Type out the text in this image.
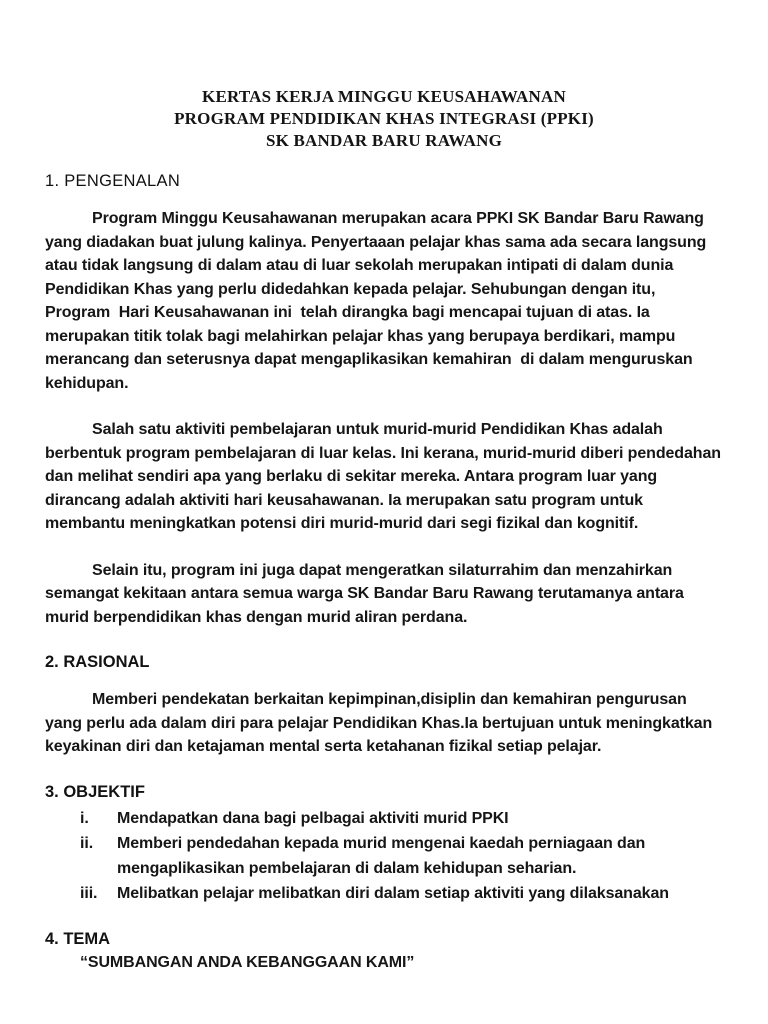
KERTAS KERJA MINGGU KEUSAHAWANAN
PROGRAM PENDIDIKAN KHAS INTEGRASI (PPKI)
SK BANDAR BARU RAWANG
1. PENGENALAN

Program Minggu Keusahawanan merupakan acara PPKI SK Bandar Baru Rawang yang diadakan buat julung kalinya. Penyertaaan pelajar khas sama ada secara langsung atau tidak langsung di dalam atau di luar sekolah merupakan intipati di dalam dunia Pendidikan Khas yang perlu didedahkan kepada pelajar. Sehubungan dengan itu, Program  Hari Keusahawanan ini  telah dirangka bagi mencapai tujuan di atas. Ia merupakan titik tolak bagi melahirkan pelajar khas yang berupaya berdikari, mampu merancang dan seterusnya dapat mengaplikasikan kemahiran  di dalam menguruskan kehidupan.

Salah satu aktiviti pembelajaran untuk murid-murid Pendidikan Khas adalah berbentuk program pembelajaran di luar kelas. Ini kerana, murid-murid diberi pendedahan dan melihat sendiri apa yang berlaku di sekitar mereka. Antara program luar yang dirancang adalah aktiviti hari keusahawanan. Ia merupakan satu program untuk membantu meningkatkan potensi diri murid-murid dari segi fizikal dan kognitif.

Selain itu, program ini juga dapat mengeratkan silaturrahim dan menzahirkan semangat kekitaan antara semua warga SK Bandar Baru Rawang terutamanya antara murid berpendidikan khas dengan murid aliran perdana.

2. RASIONAL

Memberi pendekatan berkaitan kepimpinan,disiplin dan kemahiran pengurusan yang perlu ada dalam diri para pelajar Pendidikan Khas.Ia bertujuan untuk meningkatkan keyakinan diri dan ketajaman mental serta ketahanan fizikal setiap pelajar.

3. OBJEKTIF
i.	Mendapatkan dana bagi pelbagai aktiviti murid PPKI
ii.	Memberi pendedahan kepada murid mengenai kaedah perniagaan dan mengaplikasikan pembelajaran di dalam kehidupan seharian.
iii.	Melibatkan pelajar melibatkan diri dalam setiap aktiviti yang dilaksanakan
4. TEMA

“SUMBANGAN ANDA KEBANGGAAN KAMI”
